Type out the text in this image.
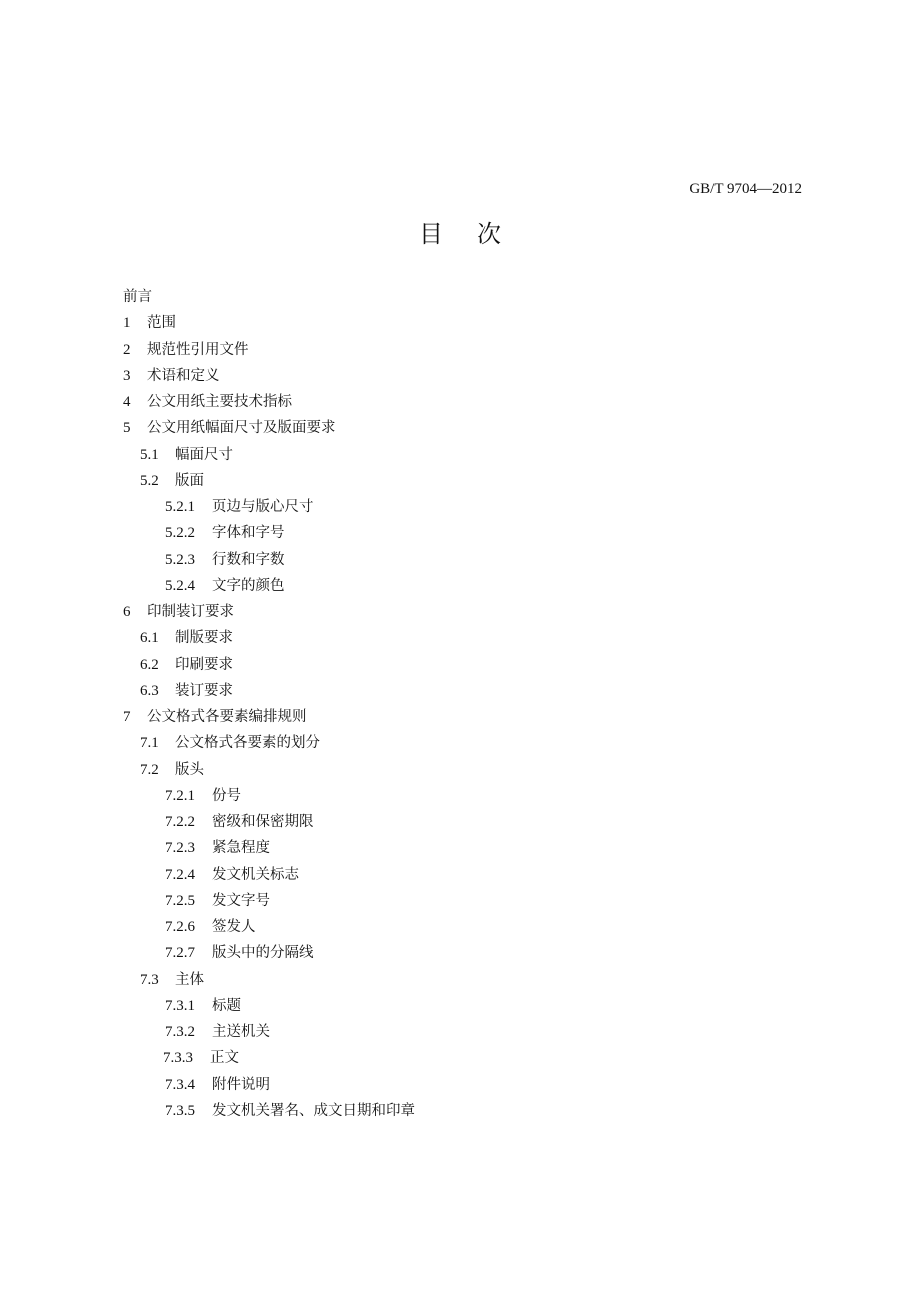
GB/T 9704—2012
目 次
前言
1 范围
2 规范性引用文件
3 术语和定义
4 公文用纸主要技术指标
5 公文用纸幅面尺寸及版面要求
5.1 幅面尺寸
5.2 版面
5.2.1 页边与版心尺寸
5.2.2 字体和字号
5.2.3 行数和字数
5.2.4 文字的颜色
6 印制装订要求
6.1 制版要求
6.2 印刷要求
6.3 装订要求
7 公文格式各要素编排规则
7.1 公文格式各要素的划分
7.2 版头
7.2.1 份号
7.2.2 密级和保密期限
7.2.3 紧急程度
7.2.4 发文机关标志
7.2.5 发文字号
7.2.6 签发人
7.2.7 版头中的分隔线
7.3 主体
7.3.1 标题
7.3.2 主送机关
7.3.3 正文
7.3.4 附件说明
7.3.5 发文机关署名、成文日期和印章
